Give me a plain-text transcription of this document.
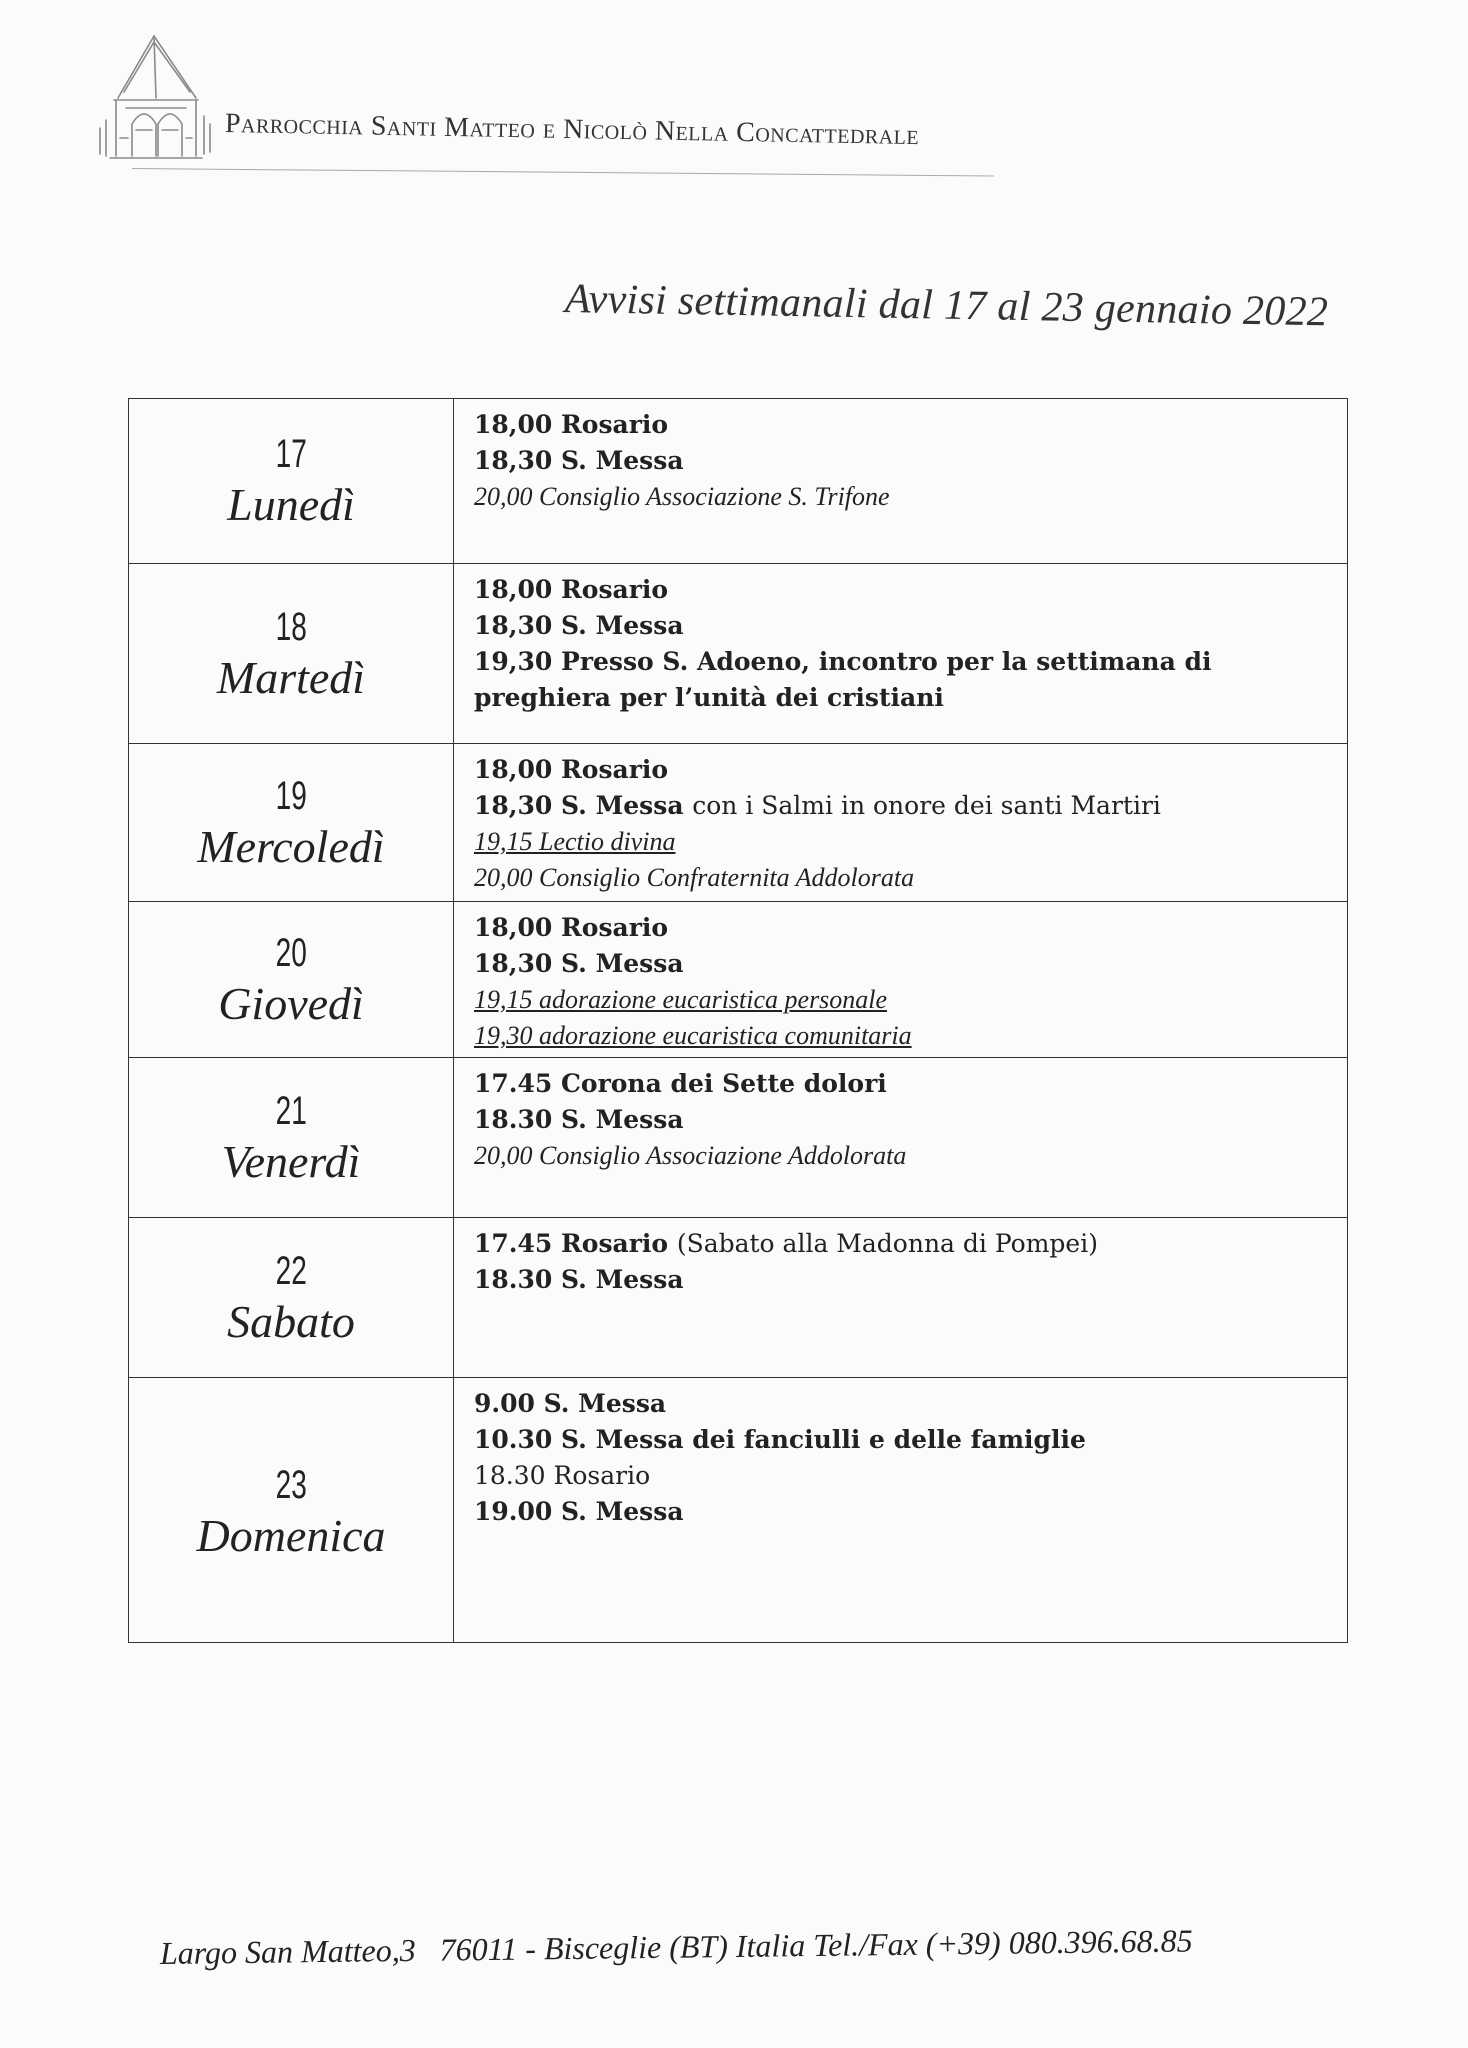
Parrocchia Santi Matteo e Nicolò Nella Concattedrale
Avvisi settimanali dal 17 al 23 gennaio 2022
17
Lunedì
18,00 Rosario
18,30 S. Messa
20,00 Consiglio Associazione S. Trifone
18
Martedì
18,00 Rosario
18,30 S. Messa
19,30 Presso S. Adoeno, incontro per la settimana di preghiera per l’unità dei cristiani
19
Mercoledì
18,00 Rosario
18,30 S. Messa con i Salmi in onore dei santi Martiri
19,15 Lectio divina
20,00 Consiglio Confraternita Addolorata
20
Giovedì
18,00 Rosario
18,30 S. Messa
19,15 adorazione eucaristica personale
19,30 adorazione eucaristica comunitaria
21
Venerdì
17.45 Corona dei Sette dolori
18.30 S. Messa
20,00 Consiglio Associazione Addolorata
22
Sabato
17.45 Rosario (Sabato alla Madonna di Pompei)
18.30 S. Messa
23
Domenica
9.00 S. Messa
10.30 S. Messa dei fanciulli e delle famiglie
18.30 Rosario
19.00 S. Messa
Largo San Matteo,3   76011 - Bisceglie (BT) Italia Tel./Fax (+39) 080.396.68.85
